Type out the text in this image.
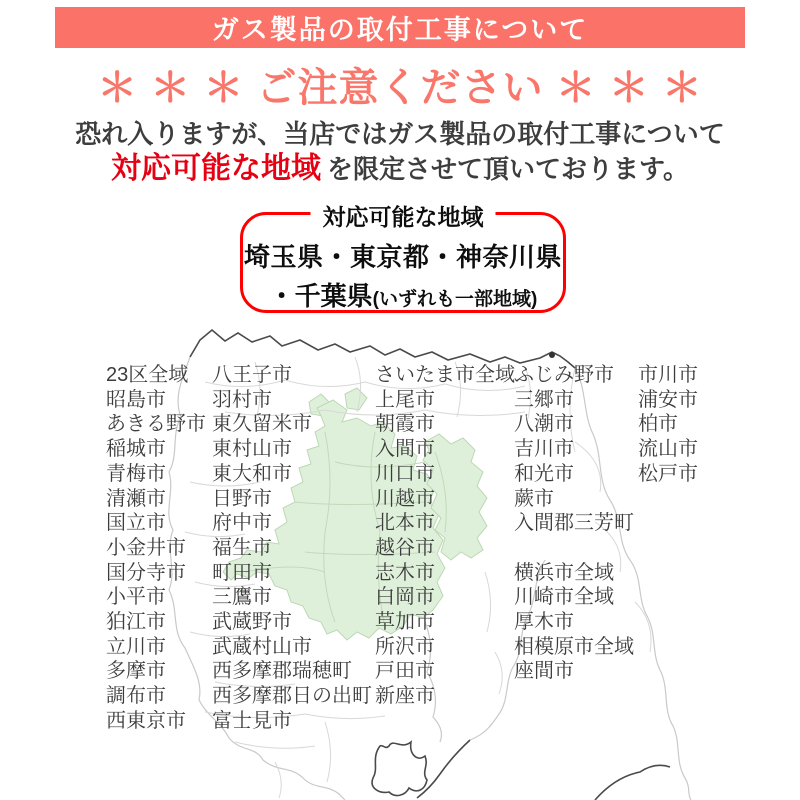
ガス製品の取付工事について
＊ ＊ ＊ ご注意ください ＊ ＊ ＊
恐れ入りますが、当店ではガス製品の取付工事について
対応可能な地域 を限定させて頂いております。
対応可能な地域
埼玉県・東京都・神奈川県
・千葉県(いずれも一部地域)
23区全域 八王子市	さいたま市全域 ふじみ野市 市川市
昭島市 羽村市	上尾市	三郷市	浦安市
あきる野市 東久留米市	朝霞市	八潮市	柏市
稲城市 東村山市	入間市	吉川市	流山市
青梅市 東大和市	川口市	和光市	松戸市
清瀬市 日野市	川越市	蕨市
国立市 府中市	北本市	入間郡三芳町
小金井市 福生市	越谷市
国分寺市 町田市	志木市	横浜市全域
小平市 三鷹市	白岡市	川崎市全域
狛江市 武蔵野市	草加市	厚木市
立川市 武蔵村山市	所沢市	相模原市全域
多摩市 西多摩郡瑞穂町 戸田市	座間市
調布市 西多摩郡日の出町 新座市
西東京市 富士見市
